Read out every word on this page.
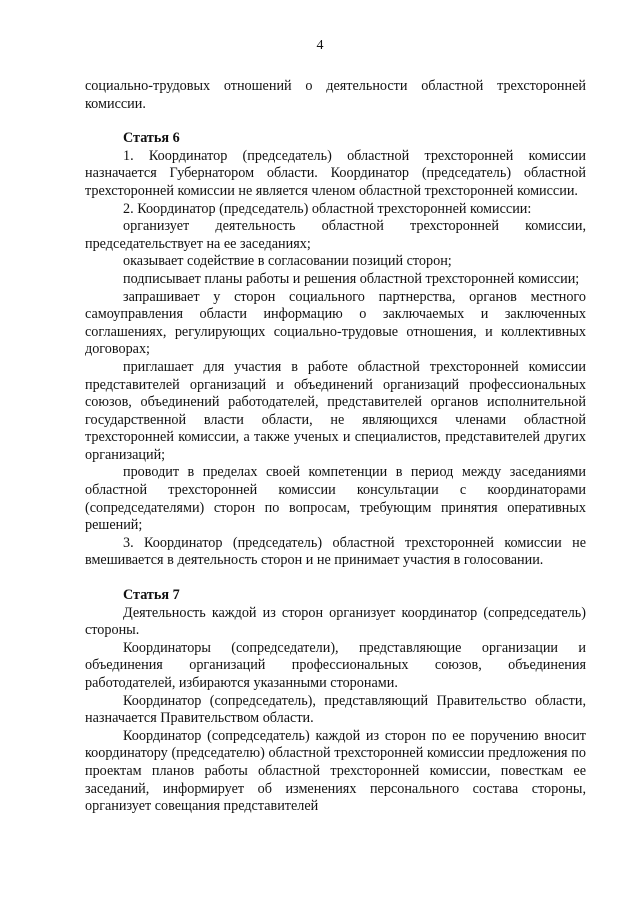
4

социально-трудовых отношений о деятельности областной трехсторонней комиссии.

Статья 6

1. Координатор (председатель) областной трехсторонней комиссии назначается Губернатором области. Координатор (председатель) областной трехсторонней комиссии не является членом областной трехсторонней комиссии.

2. Координатор (председатель) областной трехсторонней комиссии:

организует деятельность областной трехсторонней комиссии, председательствует на ее заседаниях;

оказывает содействие в согласовании позиций сторон;

подписывает планы работы и решения областной трехсторонней комиссии;

запрашивает у сторон социального партнерства, органов местного самоуправления области информацию о заключаемых и заключенных соглашениях, регулирующих социально-трудовые отношения, и коллективных договорах;

приглашает для участия в работе областной трехсторонней комиссии представителей организаций и объединений организаций профессиональных союзов, объединений работодателей, представителей органов исполнительной государственной власти области, не являющихся членами областной трехсторонней комиссии, а также ученых и специалистов, представителей других организаций;

проводит в пределах своей компетенции в период между заседаниями областной трехсторонней комиссии консультации с координаторами (сопредседателями) сторон по вопросам, требующим принятия оперативных решений;

3. Координатор (председатель) областной трехсторонней комиссии не вмешивается в деятельность сторон и не принимает участия в голосовании.

Статья 7

Деятельность каждой из сторон организует координатор (сопредседатель) стороны.

Координаторы (сопредседатели), представляющие организации и объединения организаций профессиональных союзов, объединения работодателей, избираются указанными сторонами.

Координатор (сопредседатель), представляющий Правительство области, назначается Правительством области.

Координатор (сопредседатель) каждой из сторон по ее поручению вносит координатору (председателю) областной трехсторонней комиссии предложения по проектам планов работы областной трехсторонней комиссии, повесткам ее заседаний, информирует об изменениях персонального состава стороны, организует совещания представителей
